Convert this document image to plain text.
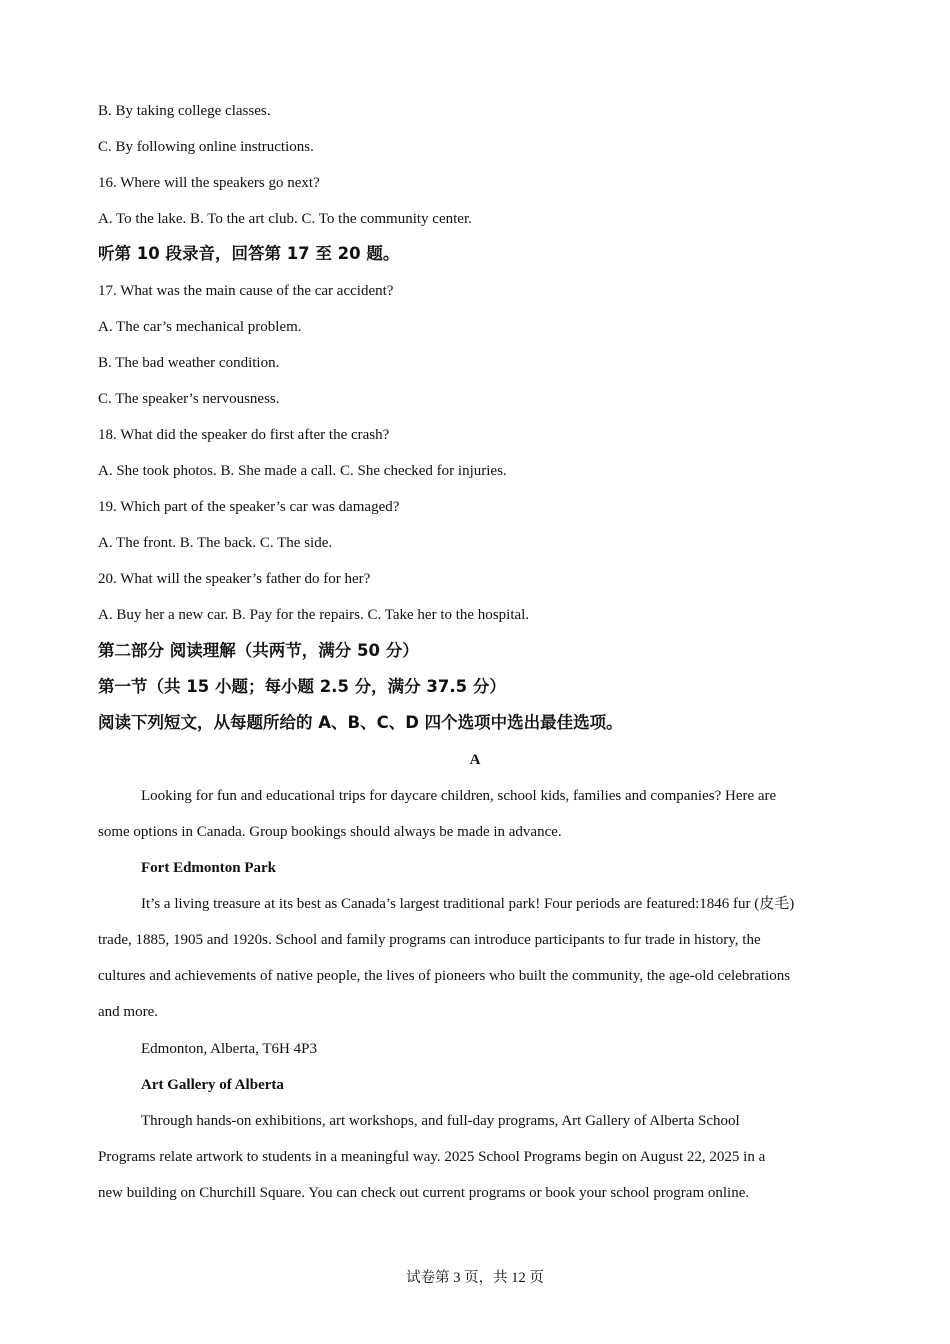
B. By taking college classes.
C. By following online instructions.
16. Where will the speakers go next?
A. To the lake. B. To the art club. C. To the community center.
听第 10 段录音，回答第 17 至 20 题。
17. What was the main cause of the car accident?
A. The car’s mechanical problem.
B. The bad weather condition.
C. The speaker’s nervousness.
18. What did the speaker do first after the crash?
A. She took photos. B. She made a call. C. She checked for injuries.
19. Which part of the speaker’s car was damaged?
A. The front. B. The back. C. The side.
20. What will the speaker’s father do for her?
A. Buy her a new car. B. Pay for the repairs. C. Take her to the hospital.
第二部分 阅读理解（共两节，满分 50 分）
第一节（共 15 小题；每小题 2.5 分，满分 37.5 分）
阅读下列短文，从每题所给的 A、B、C、D 四个选项中选出最佳选项。
A
Looking for fun and educational trips for daycare children, school kids, families and companies? Here are
some options in Canada. Group bookings should always be made in advance.
Fort Edmonton Park
It’s a living treasure at its best as Canada’s largest traditional park! Four periods are featured:1846 fur (皮毛)
trade, 1885, 1905 and 1920s. School and family programs can introduce participants to fur trade in history, the
cultures and achievements of native people, the lives of pioneers who built the community, the age-old celebrations
and more.
Edmonton, Alberta, T6H 4P3
Art Gallery of Alberta
Through hands-on exhibitions, art workshops, and full-day programs, Art Gallery of Alberta School
Programs relate artwork to students in a meaningful way. 2025 School Programs begin on August 22, 2025 in a
new building on Churchill Square. You can check out current programs or book your school program online.
试卷第 3 页，共 12 页
